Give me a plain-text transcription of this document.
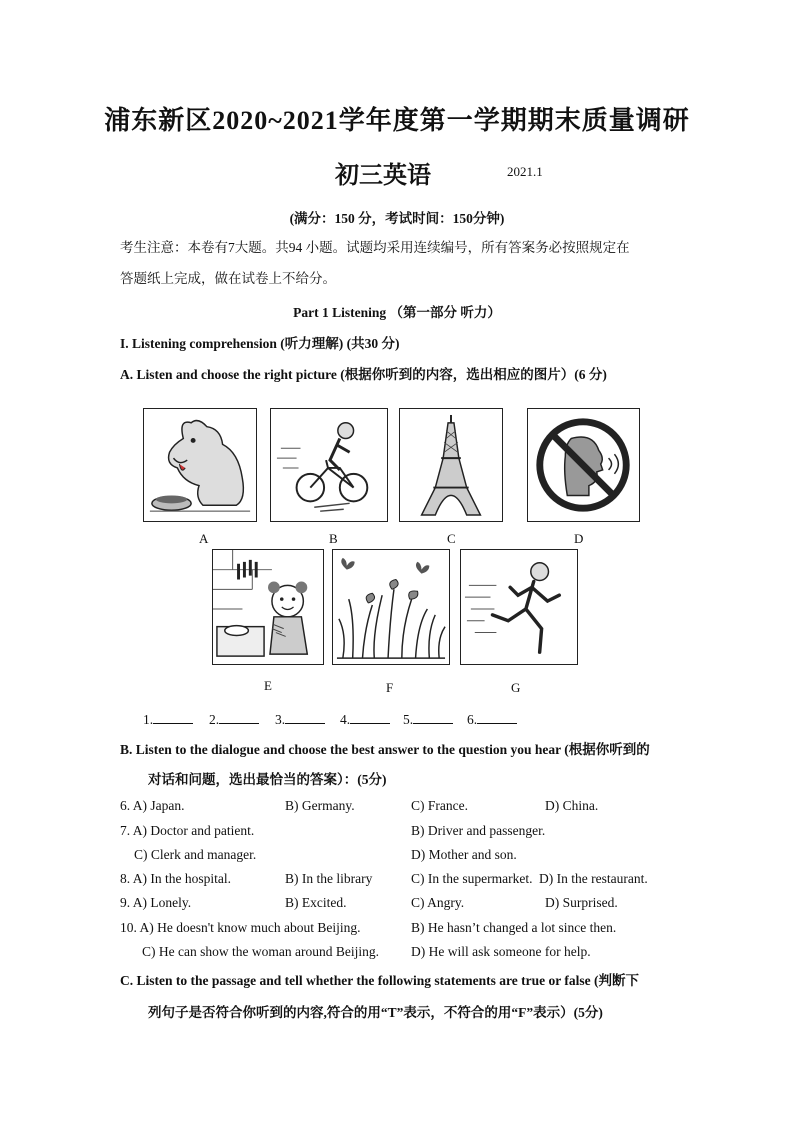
浦东新区2020~2021学年度第一学期期末质量调研
初三英语	2021.1
(满分：150 分，考试时间：150分钟)
考生注意：本卷有7大题。共94 小题。试题均采用连续编号，所有答案务必按照规定在
答题纸上完成，做在试卷上不给分。
Part 1 Listening （第一部分 听力）
I. Listening comprehension (听力理解) (共30 分)
A. Listen and choose the right picture (根据你听到的内容，选出相应的图片）(6 分)
A	B	C	D
E	F	G
1.	2.	3.	4.	5.	6.
B. Listen to the dialogue and choose the best answer to the question you hear (根据你听到的
对话和问题，选出最恰当的答案）：(5分)
6. A) Japan.	B) Germany.	C) France.	D) China.
7. A) Doctor and patient.	B) Driver and passenger.
C) Clerk and manager.	D) Mother and son.
8. A) In the hospital.	B) In the library	C) In the supermarket. D) In the restaurant.
9. A) Lonely.	B) Excited.	C) Angry.	D) Surprised.
10. A) He doesn't know much about Beijing.	B) He hasn’t changed a lot since then.
C) He can show the woman around Beijing. D) He will ask someone for help.
C. Listen to the passage and tell whether the following statements are true or false (判断下
列句子是否符合你听到的内容,符合的用“T”表示，不符合的用“F”表示）(5分)
